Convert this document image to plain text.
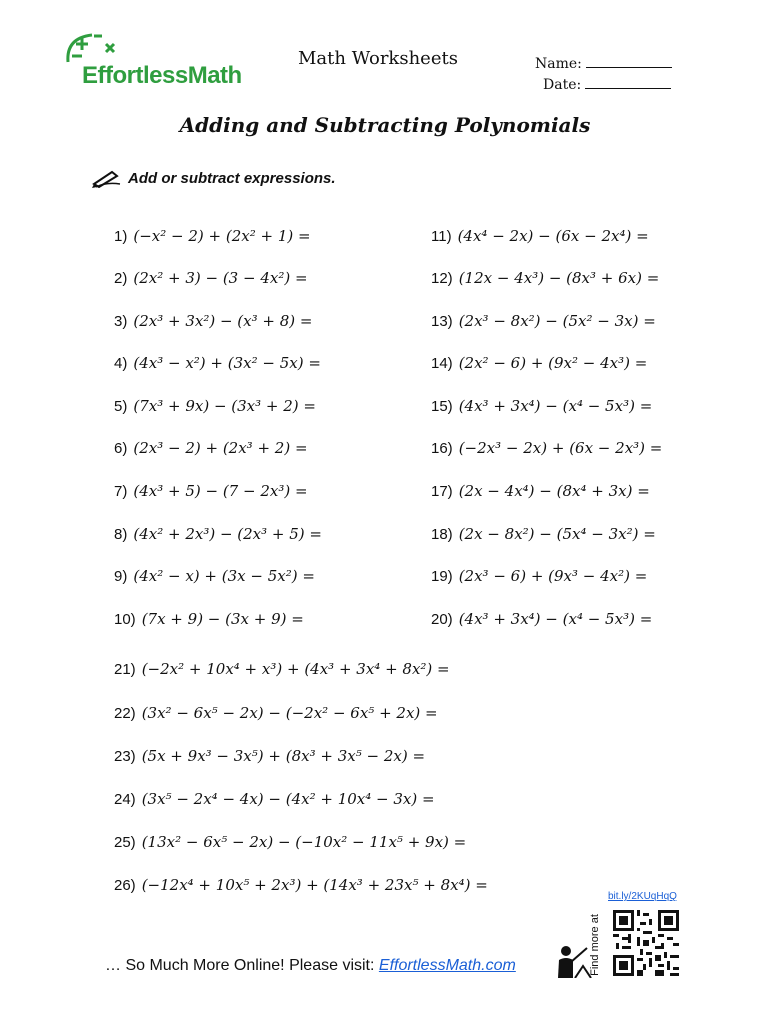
EffortlessMath
Math Worksheets	Name:
Date:
Adding and Subtracting Polynomials
Add or subtract expressions.
1) (−x² − 2) + (2x² + 1) =
2) (2x² + 3) − (3 − 4x²) =
3) (2x³ + 3x²) − (x³ + 8) =
4) (4x³ − x²) + (3x² − 5x) =
5) (7x³ + 9x) − (3x³ + 2) =
6) (2x³ − 2) + (2x³ + 2) =
7) (4x³ + 5) − (7 − 2x³) =
8) (4x² + 2x³) − (2x³ + 5) =
9) (4x² − x) + (3x − 5x²) =
10) (7x + 9) − (3x + 9) =
11) (4x⁴ − 2x) − (6x − 2x⁴) =
12) (12x − 4x³) − (8x³ + 6x) =
13) (2x³ − 8x²) − (5x² − 3x) =
14) (2x² − 6) + (9x² − 4x³) =
15) (4x³ + 3x⁴) − (x⁴ − 5x³) =
16) (−2x³ − 2x) + (6x − 2x³) =
17) (2x − 4x⁴) − (8x⁴ + 3x) =
18) (2x − 8x²) − (5x⁴ − 3x²) =
19) (2x³ − 6) + (9x³ − 4x²) =
20) (4x³ + 3x⁴) − (x⁴ − 5x³) =
21) (−2x² + 10x⁴ + x³) + (4x³ + 3x⁴ + 8x²) =
22) (3x² − 6x⁵ − 2x) − (−2x² − 6x⁵ + 2x) =
23) (5x + 9x³ − 3x⁵) + (8x³ + 3x⁵ − 2x) =
24) (3x⁵ − 2x⁴ − 4x) − (4x² + 10x⁴ − 3x) =
25) (13x² − 6x⁵ − 2x) − (−10x² − 11x⁵ + 9x) =
26) (−12x⁴ + 10x⁵ + 2x³) + (14x³ + 23x⁵ + 8x⁴) =
… So Much More Online! Please visit: EffortlessMath.com	Find more at
bit.ly/2KUqHqQ
